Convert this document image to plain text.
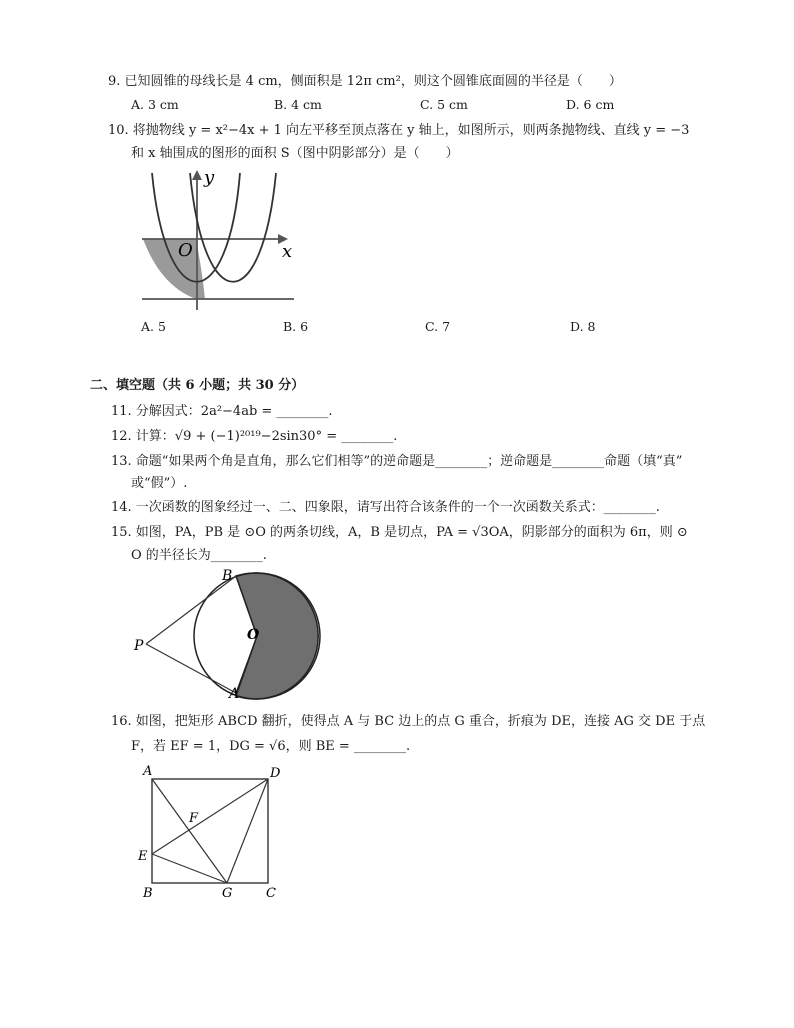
9. 已知圆锥的母线长是 4 cm，侧面积是 12π cm²，则这个圆锥底面圆的半径是（　　）
A. 3 cm	B. 4 cm	C. 5 cm	D. 6 cm
10. 将抛物线 y = x²−4x + 1 向左平移至顶点落在 y 轴上，如图所示，则两条抛物线、直线 y = −3
和 x 轴围成的图形的面积 S（图中阴影部分）是（　　）
y
x
O
A. 5	B. 6	C. 7	D. 8
二、填空题（共 6 小题；共 30 分）
11. 分解因式：2a²−4ab = ________.
12. 计算：√9 + (−1)²⁰¹⁹−2sin30° = ________.
13. 命题“如果两个角是直角，那么它们相等”的逆命题是________；逆命题是________命题（填“真”
或“假”）.
14. 一次函数的图象经过一、二、四象限，请写出符合该条件的一个一次函数关系式：________.
15. 如图，PA，PB 是 ⊙O 的两条切线，A，B 是切点，PA = √3OA，阴影部分的面积为 6π，则 ⊙
O 的半径长为________.
P
B
A
O
16. 如图，把矩形 ABCD 翻折，使得点 A 与 BC 边上的点 G 重合，折痕为 DE，连接 AG 交 DE 于点
F，若 EF = 1，DG = √6，则 BE = ________.
A	D
F
E
B	G	C
